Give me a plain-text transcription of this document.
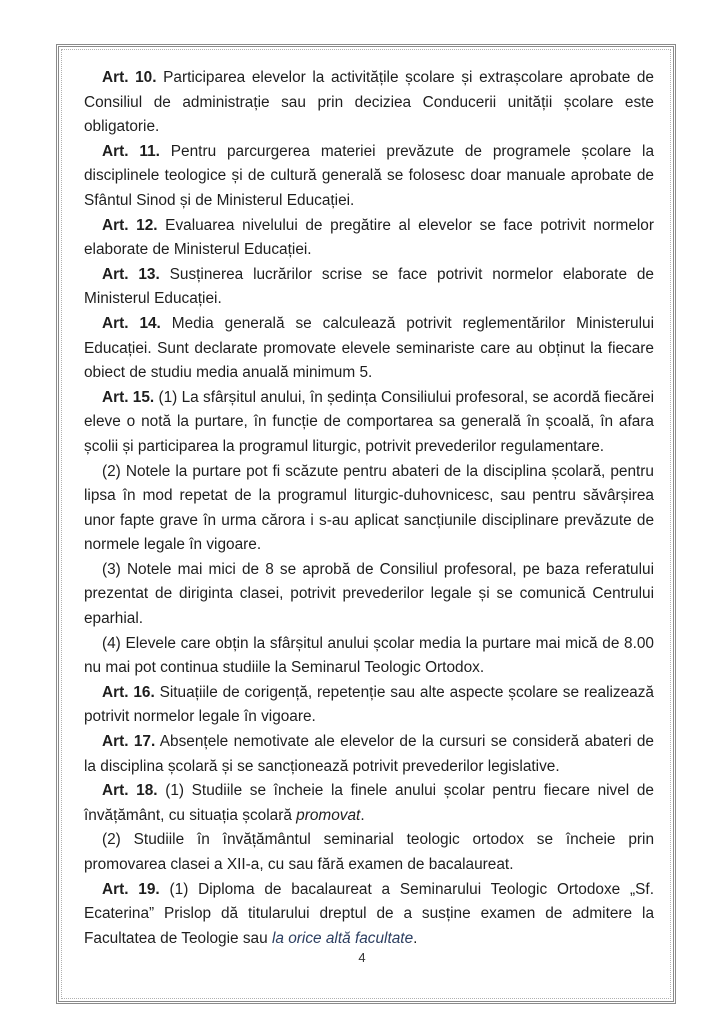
Art. 10. Participarea elevelor la activitățile școlare și extrașcolare aprobate de Consiliul de administrație sau prin deciziea Conducerii unității școlare este obligatorie.

Art. 11. Pentru parcurgerea materiei prevăzute de programele școlare la disciplinele teologice și de cultură generală se folosesc doar manuale aprobate de Sfântul Sinod și de Ministerul Educației.

Art. 12. Evaluarea nivelului de pregătire al elevelor se face potrivit normelor elaborate de Ministerul Educației.

Art. 13. Susținerea lucrărilor scrise se face potrivit normelor elaborate de Ministerul Educației.

Art. 14. Media generală se calculează potrivit reglementărilor Ministerului Educației. Sunt declarate promovate elevele seminariste care au obținut la fiecare obiect de studiu media anuală minimum 5.

Art. 15. (1) La sfârșitul anului, în ședința Consiliului profesoral, se acordă fiecărei eleve o notă la purtare, în funcție de comportarea sa generală în școală, în afara școlii și participarea la programul liturgic, potrivit prevederilor regulamentare.

(2) Notele la purtare pot fi scăzute pentru abateri de la disciplina școlară, pentru lipsa în mod repetat de la programul liturgic-duhovnicesc, sau pentru săvârșirea unor fapte grave în urma cărora i s-au aplicat sancțiunile disciplinare prevăzute de normele legale în vigoare.

(3) Notele mai mici de 8 se aprobă de Consiliul profesoral, pe baza referatului prezentat de diriginta clasei, potrivit prevederilor legale și se comunică Centrului eparhial.

(4) Elevele care obțin la sfârșitul anului școlar media la purtare mai mică de 8.00 nu mai pot continua studiile la Seminarul Teologic Ortodox.

Art. 16. Situațiile de corigență, repetenție sau alte aspecte școlare se realizează potrivit normelor legale în vigoare.

Art. 17. Absențele nemotivate ale elevelor de la cursuri se consideră abateri de la disciplina școlară și se sancționează potrivit prevederilor legislative.

Art. 18. (1) Studiile se încheie la finele anului școlar pentru fiecare nivel de învățământ, cu situația școlară promovat.

(2) Studiile în învățământul seminarial teologic ortodox se încheie prin promovarea clasei a XII-a, cu sau fără examen de bacalaureat.

Art. 19. (1) Diploma de bacalaureat a Seminarului Teologic Ortodoxe „Sf. Ecaterina” Prislop dă titularului dreptul de a susține examen de admitere la Facultatea de Teologie sau la orice altă facultate.

4
